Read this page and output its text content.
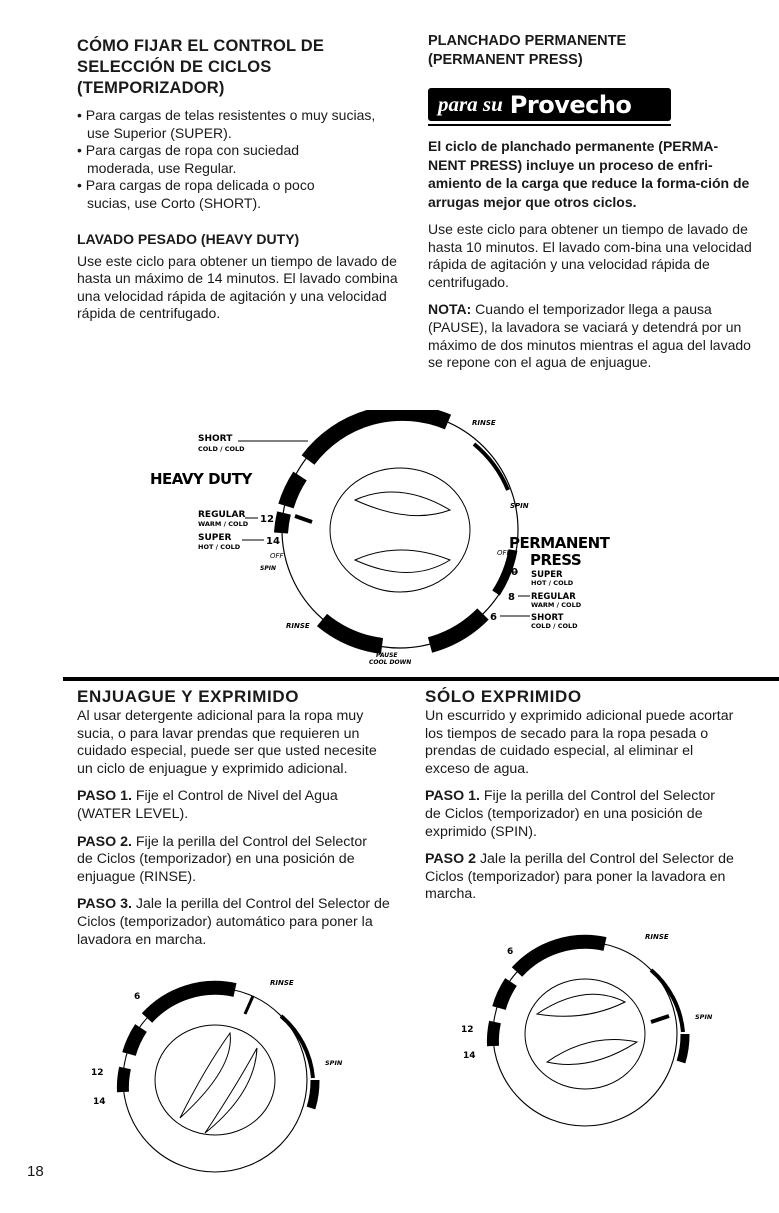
CÓMO FIJAR EL CONTROL DE
SELECCIÓN DE CICLOS
(TEMPORIZADOR)

• Para cargas de telas resistentes o muy sucias, use Superior (SUPER).

• Para cargas de ropa con suciedad moderada, use Regular.

• Para cargas de ropa delicada o poco sucias, use Corto (SHORT).

LAVADO PESADO (HEAVY DUTY)

Use este ciclo para obtener un tiempo de lavado de hasta un máximo de 14 minutos. El lavado combina una velocidad rápida de agitación y una velocidad rápida de centrifugado.

PLANCHADO PERMANENTE
(PERMANENT PRESS)
para su Provecho

El ciclo de planchado permanente (PERMA-NENT PRESS) incluye un proceso de enfri-amiento de la carga que reduce la forma-ción de arrugas mejor que otros ciclos.

Use este ciclo para obtener un tiempo de lavado de hasta 10 minutos. El lavado com-bina una velocidad rápida de agitación y una velocidad rápida de centrifugado.

NOTA: Cuando el temporizador llega a pausa (PAUSE), la lavadora se vaciará y detendrá por un máximo de dos minutos mientras el agua del lavado se repone con el agua de enjuague.

RINSE
SHORT
COLD / COLD
6
HEAVY DUTY
REGULAR
WARM / COLD 12
SUPER
HOT / COLD	14
OFF
SPIN
RINSE
PAUSE
COOL DOWN
SPIN
OFF
PERMANENT
PRESS
10 SUPER
HOT / COLD
8 REGULAR
WARM / COLD
6	SHORT
COLD / COLD
ENJUAGUE Y EXPRIMIDO

Al usar detergente adicional para la ropa muy sucia, o para lavar prendas que requieren un cuidado especial, puede ser que usted necesite un ciclo de enjuague y exprimido adicional.

PASO 1. Fije el Control de Nivel del Agua (WATER LEVEL).

PASO 2. Fije la perilla del Control del Selector de Ciclos (temporizador) en una posición de enjuague (RINSE).

PASO 3. Jale la perilla del Control del Selector de Ciclos (temporizador) automático para poner la lavadora en marcha.

SÓLO EXPRIMIDO

Un escurrido y exprimido adicional puede acortar los tiempos de secado para la ropa pesada o prendas de cuidado especial, al eliminar el exceso de agua.

PASO 1. Fije la perilla del Control del Selector de Ciclos (temporizador) en una posición de exprimido (SPIN).

PASO 2 Jale la perilla del Control del Selector de Ciclos (temporizador) para poner la lavadora en marcha.

RINSE
6
SPIN
12
14
RINSE
6
SPIN
12
14
18
